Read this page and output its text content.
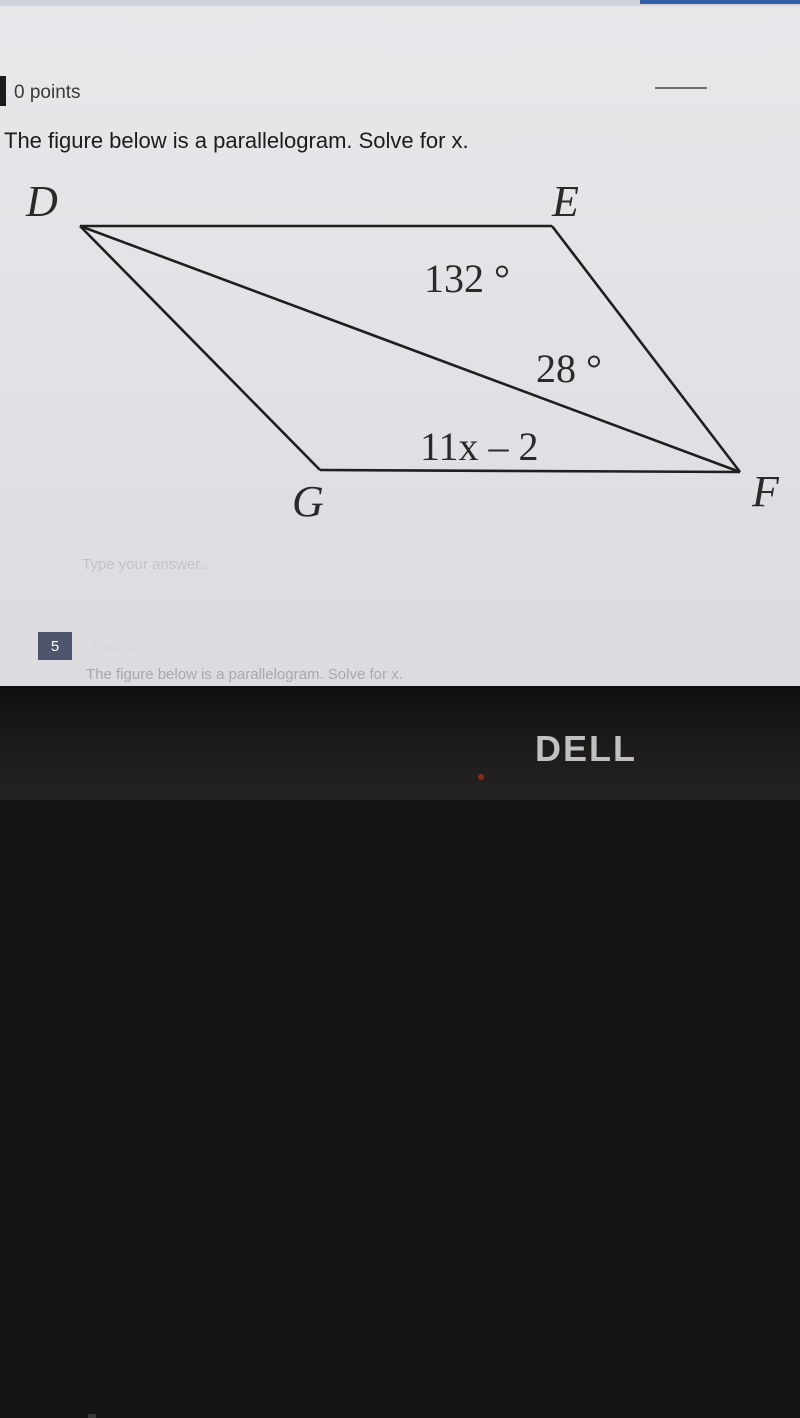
0 points
The figure below is a parallelogram. Solve for x.
D	E
F
G
132 °
28 °
11x – 2
Type your answer...
5	0 points
The figure below is a parallelogram. Solve for x.
DELL
